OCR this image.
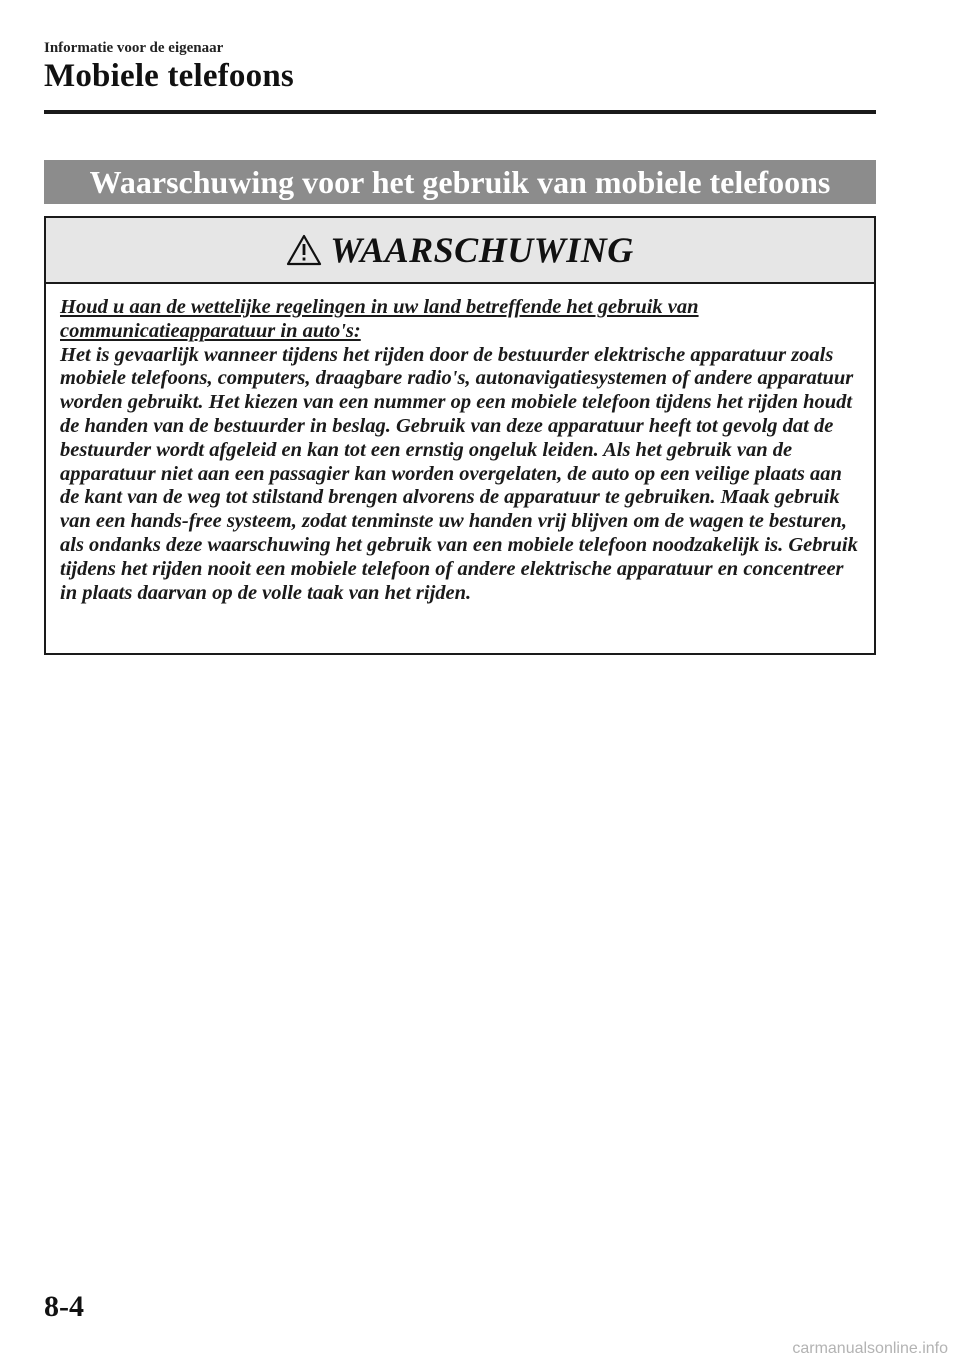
Informatie voor de eigenaar
Mobiele telefoons
Waarschuwing voor het gebruik van mobiele telefoons
WAARSCHUWING
Houd u aan de wettelijke regelingen in uw land betreffende het gebruik van communicatieapparatuur in auto's:
Het is gevaarlijk wanneer tijdens het rijden door de bestuurder elektrische apparatuur zoals mobiele telefoons, computers, draagbare radio's, autonavigatiesystemen of andere apparatuur worden gebruikt. Het kiezen van een nummer op een mobiele telefoon tijdens het rijden houdt de handen van de bestuurder in beslag. Gebruik van deze apparatuur heeft tot gevolg dat de bestuurder wordt afgeleid en kan tot een ernstig ongeluk leiden. Als het gebruik van de apparatuur niet aan een passagier kan worden overgelaten, de auto op een veilige plaats aan de kant van de weg tot stilstand brengen alvorens de apparatuur te gebruiken. Maak gebruik van een hands-free systeem, zodat tenminste uw handen vrij blijven om de wagen te besturen, als ondanks deze waarschuwing het gebruik van een mobiele telefoon noodzakelijk is. Gebruik tijdens het rijden nooit een mobiele telefoon of andere elektrische apparatuur en concentreer in plaats daarvan op de volle taak van het rijden.
8-4
carmanualsonline.info
